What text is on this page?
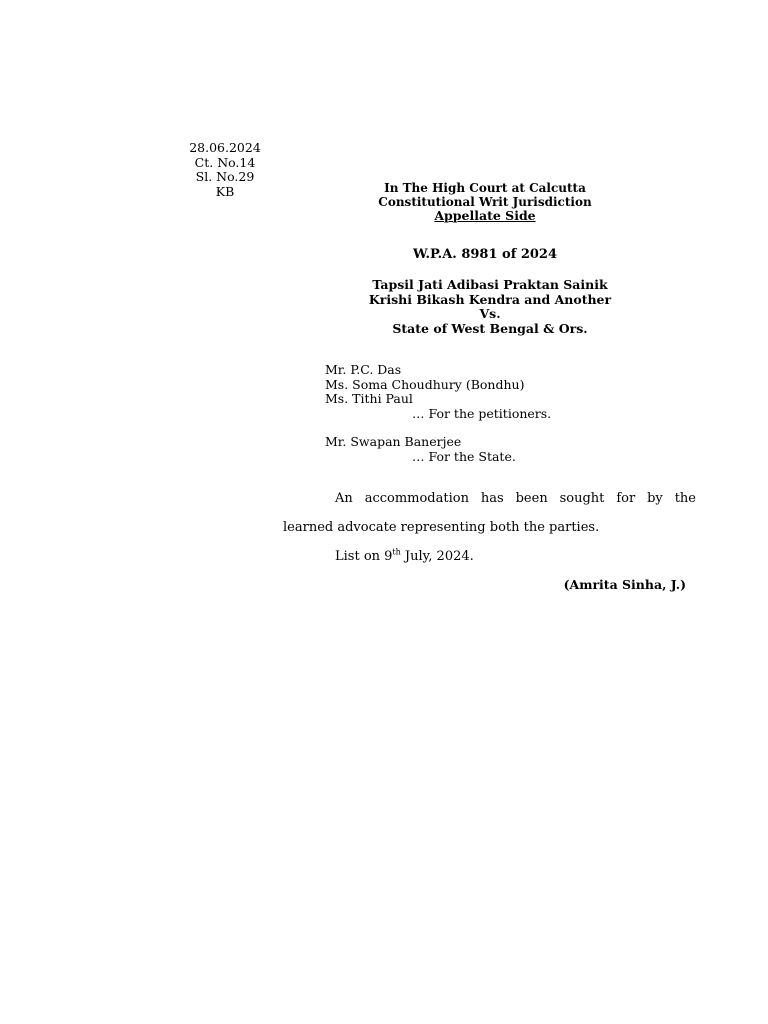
28.06.2024
Ct. No.14
Sl. No.29
KB	In The High Court at Calcutta
Constitutional Writ Jurisdiction
Appellate Side
W.P.A. 8981 of 2024
Tapsil Jati Adibasi Praktan Sainik
Krishi Bikash Kendra and Another
Vs.
State of West Bengal & Ors.
Mr. P.C. Das
Ms. Soma Choudhury (Bondhu)
Ms. Tithi Paul
… For the petitioners.
Mr. Swapan Banerjee
… For the State.
An accommodation has been sought for by the
learned advocate representing both the parties.
List on 9th July, 2024.
(Amrita Sinha, J.)
